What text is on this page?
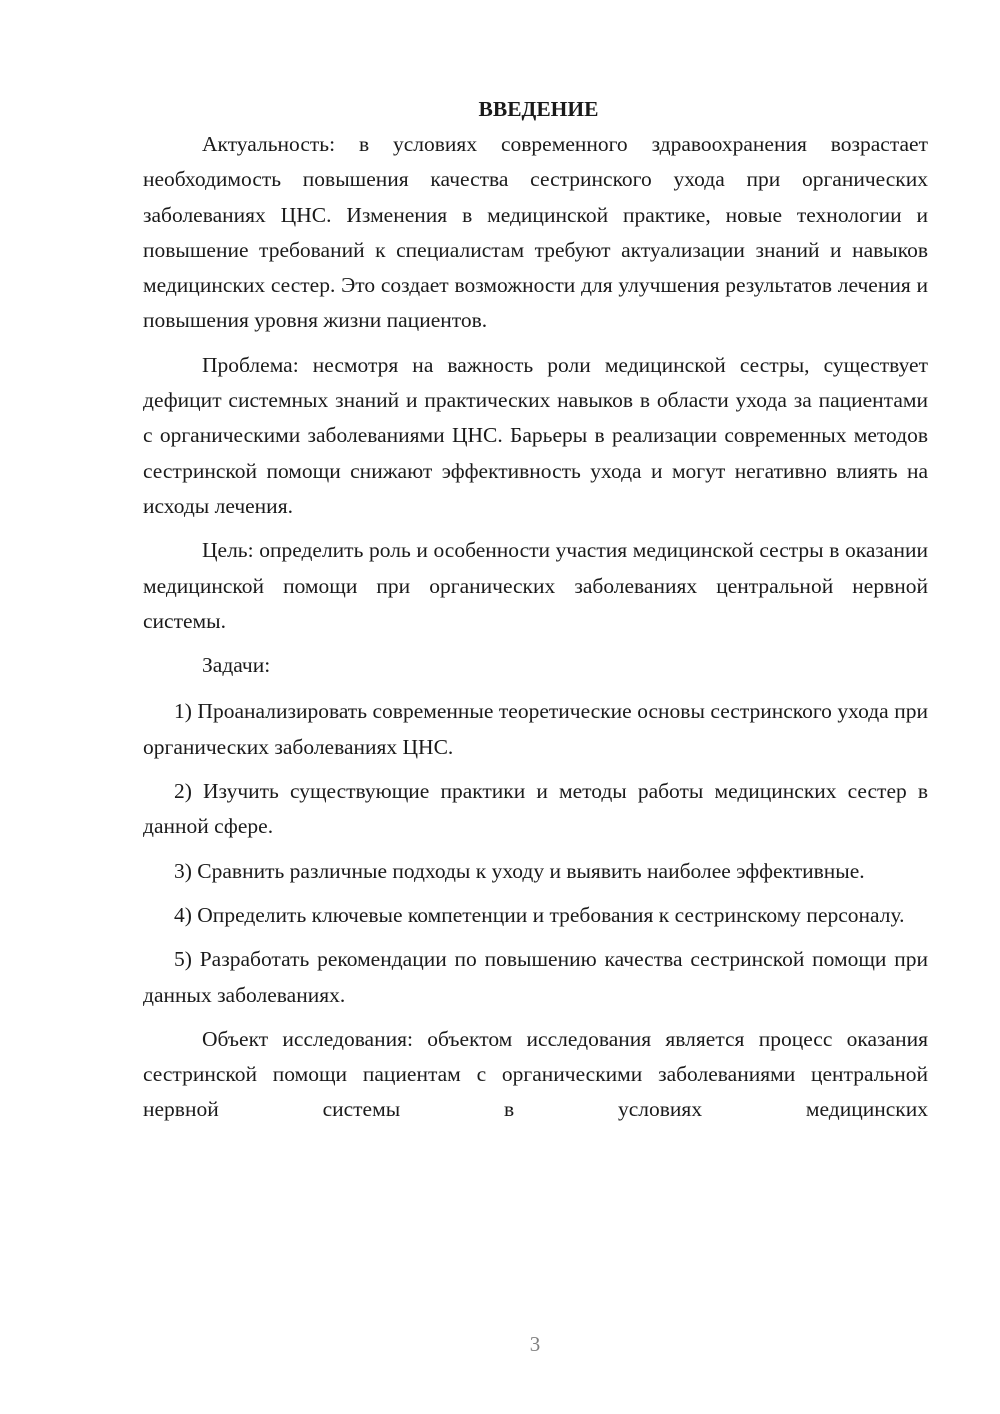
ВВЕДЕНИЕ

Актуальность: в условиях современного здравоохранения возрастает необходимость повышения качества сестринского ухода при органических заболеваниях ЦНС. Изменения в медицинской практике, новые технологии и повышение требований к специалистам требуют актуализации знаний и навыков медицинских сестер. Это создает возможности для улучшения результатов лечения и повышения уровня жизни пациентов.

Проблема: несмотря на важность роли медицинской сестры, существует дефицит системных знаний и практических навыков в области ухода за пациентами с органическими заболеваниями ЦНС. Барьеры в реализации современных методов сестринской помощи снижают эффективность ухода и могут негативно влиять на исходы лечения.

Цель: определить роль и особенности участия медицинской сестры в оказании медицинской помощи при органических заболеваниях центральной нервной системы.

Задачи:

1) Проанализировать современные теоретические основы сестринского ухода при органических заболеваниях ЦНС.

2) Изучить существующие практики и методы работы медицинских сестер в данной сфере.

3) Сравнить различные подходы к уходу и выявить наиболее эффективные.

4) Определить ключевые компетенции и требования к сестринскому персоналу.

5) Разработать рекомендации по повышению качества сестринской помощи при данных заболеваниях.

Объект исследования: объектом исследования является процесс оказания сестринской помощи пациентам с органическими заболеваниями центральной нервной системы в условиях медицинских

3
